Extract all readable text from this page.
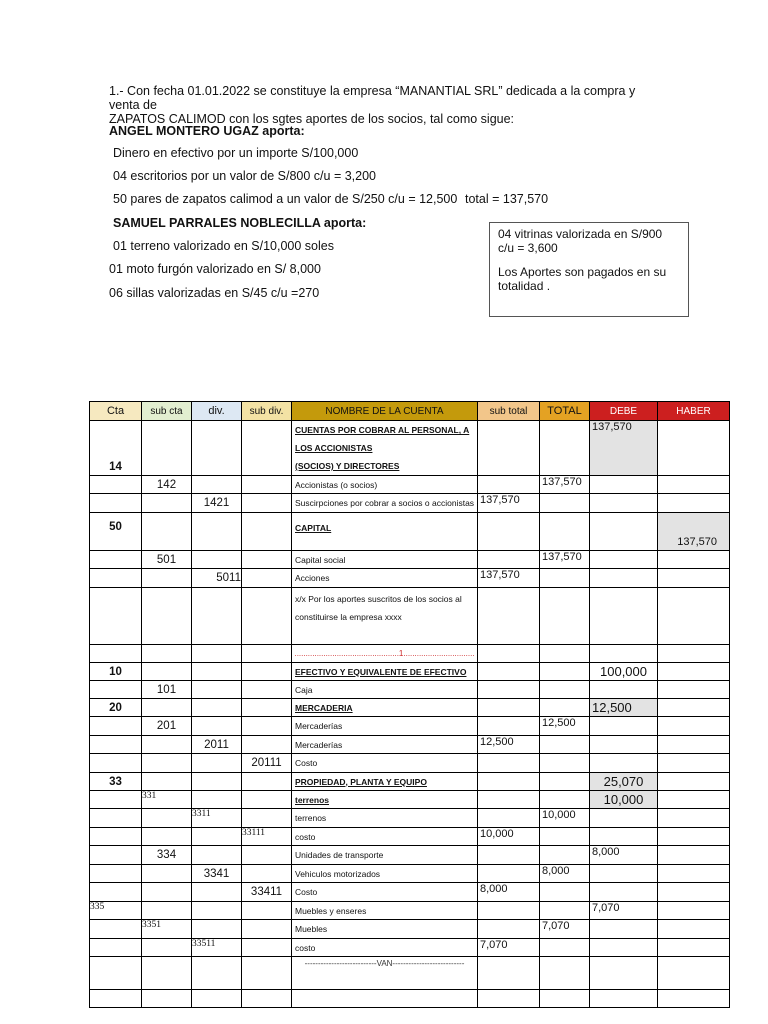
1.- Con fecha 01.01.2022 se constituye la empresa “MANANTIAL SRL” dedicada a la compra y venta de
ZAPATOS CALIMOD con los sgtes aportes de los socios, tal como sigue:
ANGEL MONTERO UGAZ aporta:
Dinero en efectivo por un importe S/100,000
04 escritorios por un valor de S/800 c/u = 3,200
50 pares de zapatos calimod a un valor de S/250 c/u = 12,500 total = 137,570
SAMUEL PARRALES NOBLECILLA aporta:
01 terreno valorizado en S/10,000 soles
01 moto furgón valorizado en S/ 8,000
06 sillas valorizadas en S/45 c/u =270

04 vitrinas valorizada en S/900 c/u = 3,600

Los Aportes son pagados en su totalidad .

Cta	sub cta	div.	sub div.	NOMBRE DE LA CUENTA	sub total	TOTAL	DEBE	HABER
14				CUENTAS POR COBRAR AL PERSONAL, A LOS ACCIONISTAS
(SOCIOS) Y DIRECTORES			137,570	
	142			Accionistas (o socios)		137,570		
		1421		Suscirpciones por cobrar a socios o accionistas	137,570			
50				CAPITAL				137,570
	501			Capital social		137,570		
		5011		Acciones	137,570			
				x/x Por los aportes suscritos de los socios al
constituirse la empresa xxxx				
				...............................................1................................				
10				EFECTIVO Y EQUIVALENTE DE EFECTIVO			100,000	
	101			Caja				
20				MERCADERIA			12,500	
	201			Mercaderías		12,500		
		2011		Mercaderías	12,500			
			20111	Costo				
33				PROPIEDAD, PLANTA Y EQUIPO			25,070	
	331			terrenos			10,000	
		3311		terrenos		10,000		
			33111	costo	10,000			
	334			Unidades de transporte			8,000	
		3341		Vehiculos motorizados		8,000		
			33411	Costo	8,000			
335				Muebles y enseres			7,070	
	3351			Muebles		7,070		
		33511		costo	7,070			
				---------------------------VAN---------------------------				
